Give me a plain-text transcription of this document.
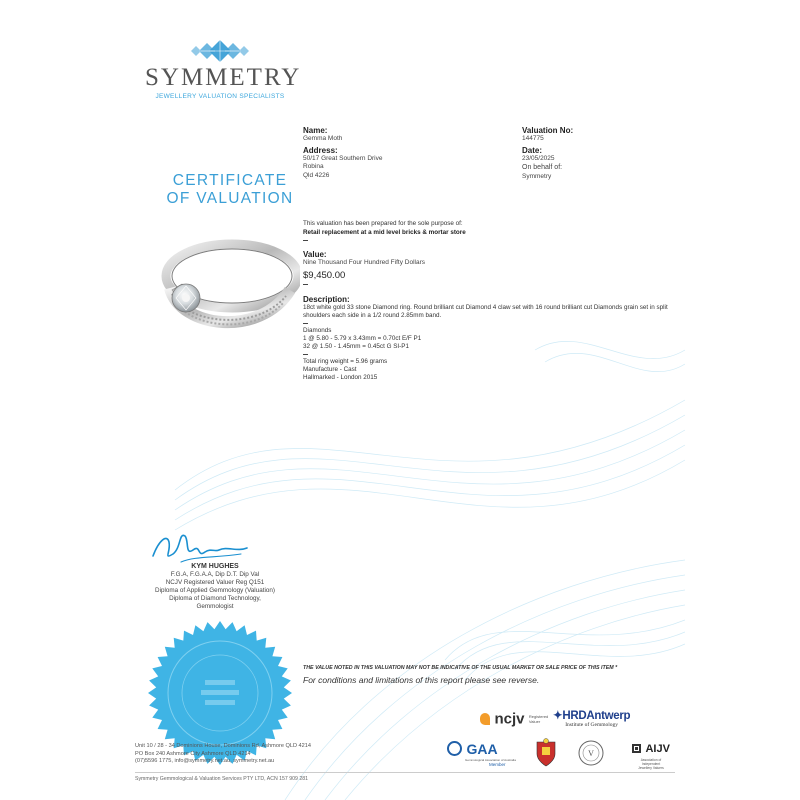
SYMMETRY
JEWELLERY VALUATION SPECIALISTS
CERTIFICATE
OF VALUATION
Name:
Gemma Moth
Address:
50/17 Great Southern Drive
Robina
Qld 4226
Valuation No:
144775
Date:
23/05/2025
On behalf of:
Symmetry
This valuation has been prepared for the sole purpose of:
Retail replacement at a mid level bricks & mortar store
Value:
Nine Thousand Four Hundred Fifty Dollars
$9,450.00
Description:
18ct white gold 33 stone Diamond ring. Round brilliant cut Diamond 4 claw set with 16 round brilliant cut Diamonds grain set in split shoulders each side in a 1/2 round 2.85mm band.
Diamonds
1 @ 5.80 - 5.79 x 3.43mm = 0.70ct E/F P1
32 @ 1.50 - 1.45mm = 0.45ct G SI-P1
Total ring weight = 5.96 grams
Manufacture - Cast
Hallmarked - London 2015
KYM HUGHES
F.G.A, F.G.A.A, Dip D.T. Dip Val
NCJV Registered Valuer Reg Q151
Diploma of Applied Gemmology (Valuation)
Diploma of Diamond Technology,
Gemmologist
THE VALUE NOTED IN THIS VALUATION MAY NOT BE INDICATIVE OF THE USUAL MARKET OR SALE PRICE OF THIS ITEM *
For conditions and limitations of this report please see reverse.
ncjv Registered
Valuer	✦HRDAntwerp
Institute of Gemmology
GAA
Gemmological Association of Australia
Member
V	AIJV
Association of
Independent
Jewellery Valuers
Unit 10 / 28 - 34 Dominions House, Dominions Rd, Ashmore QLD 4214
PO Box 240 Ashmore City Ashmore QLD 4214
(07)5596 1775, info@symmetry.net.au, symmetry.net.au
Symmetry Gemmological & Valuation Services PTY LTD, ACN 157 909 281
